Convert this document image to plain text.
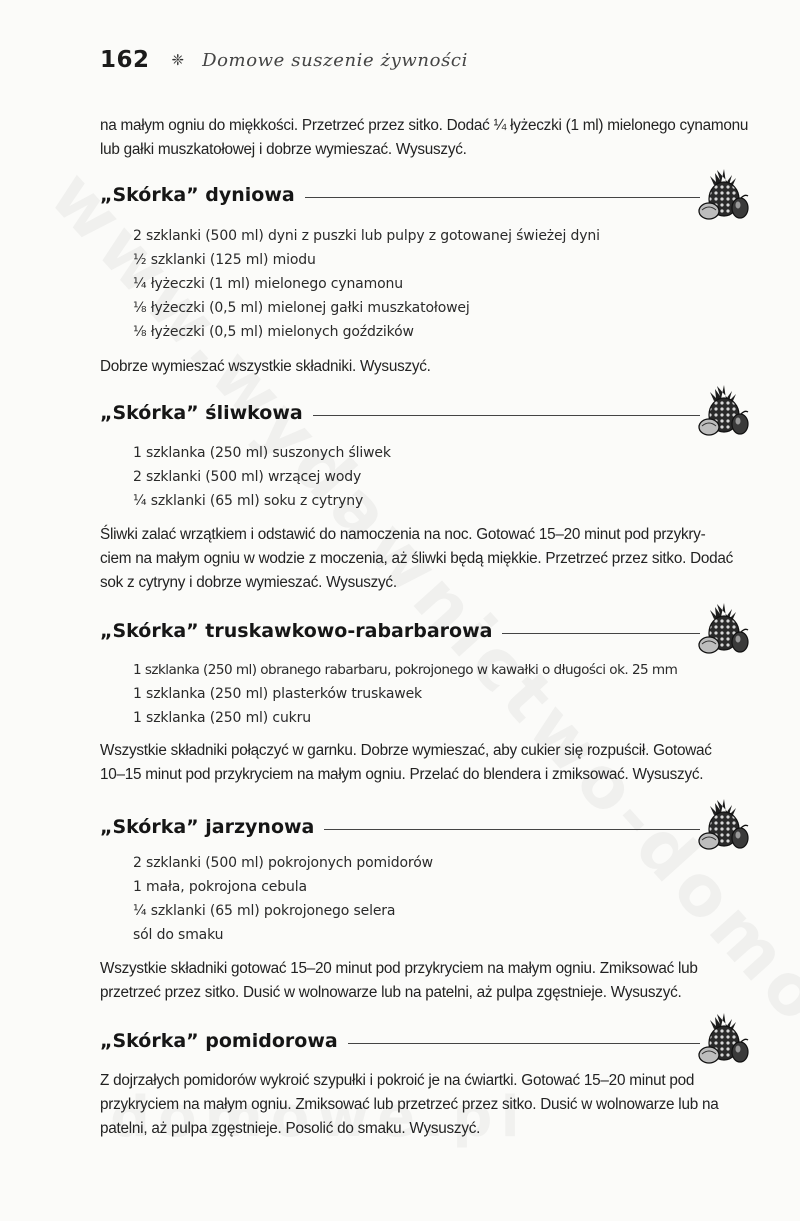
162 ❈ Domowe suszenie żywności
na małym ogniu do miękkości. Przetrzeć przez sitko. Dodać ¼ łyżeczki (1 ml) mielonego cynamonu
lub gałki muszkatołowej i dobrze wymieszać. Wysuszyć.
„Skórka” dyniowa
2 szklanki (500 ml) dyni z puszki lub pulpy z gotowanej świeżej dyni
½ szklanki (125 ml) miodu
¼ łyżeczki (1 ml) mielonego cynamonu
⅛ łyżeczki (0,5 ml) mielonej gałki muszkatołowej
⅛ łyżeczki (0,5 ml) mielonych goździków
Dobrze wymieszać wszystkie składniki. Wysuszyć.
„Skórka” śliwkowa
1 szklanka (250 ml) suszonych śliwek
2 szklanki (500 ml) wrzącej wody
¼ szklanki (65 ml) soku z cytryny
Śliwki zalać wrzątkiem i odstawić do namoczenia na noc. Gotować 15–20 minut pod przykry-
ciem na małym ogniu w wodzie z moczenia, aż śliwki będą miękkie. Przetrzeć przez sitko. Dodać
sok z cytryny i dobrze wymieszać. Wysuszyć.
„Skórka” truskawkowo-rabarbarowa
1 szklanka (250 ml) obranego rabarbaru, pokrojonego w kawałki o długości ok. 25 mm
1 szklanka (250 ml) plasterków truskawek
1 szklanka (250 ml) cukru
Wszystkie składniki połączyć w garnku. Dobrze wymieszać, aby cukier się rozpuścił. Gotować
10–15 minut pod przykryciem na małym ogniu. Przelać do blendera i zmiksować. Wysuszyć.
„Skórka” jarzynowa
2 szklanki (500 ml) pokrojonych pomidorów
1 mała, pokrojona cebula
¼ szklanki (65 ml) pokrojonego selera
sól do smaku
Wszystkie składniki gotować 15–20 minut pod przykryciem na małym ogniu. Zmiksować lub
przetrzeć przez sitko. Dusić w wolnowarze lub na patelni, aż pulpa zgęstnieje. Wysuszyć.
„Skórka” pomidorowa
Z dojrzałych pomidorów wykroić szypułki i pokroić je na ćwiartki. Gotować 15–20 minut pod
przykryciem na małym ogniu. Zmiksować lub przetrzeć przez sitko. Dusić w wolnowarze lub na
patelni, aż pulpa zgęstnieje. Posolić do smaku. Wysuszyć.
